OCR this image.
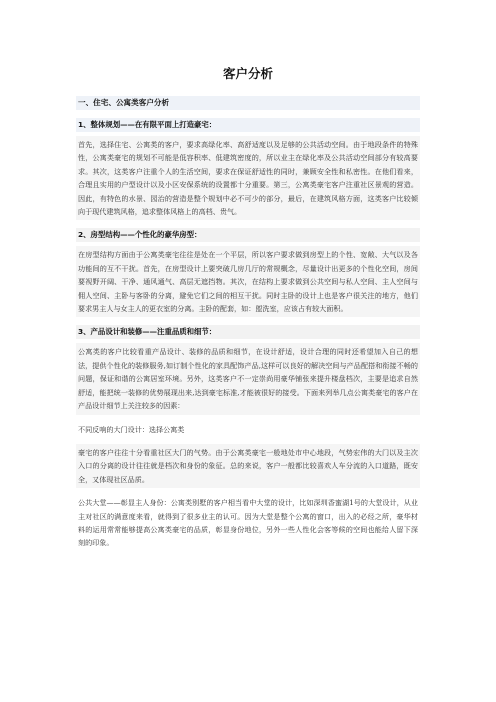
客户分析
一、住宅、公寓类客户分析
1、整体规划——在有限平面上打造豪宅：

首先，选择住宅、公寓类的客户，要求高绿化率、高舒适度以及足够的公共活动空间。由于地段条件的特殊性，公寓类豪宅的规划不可能是低容积率、低建筑密度的，所以业主在绿化率及公共活动空间部分有较高要求。其次，这类客户注重个人的生活空间，要求在保证舒适性的同时，兼顾安全性和私密性。在他们看来，合理且实用的户型设计以及小区安保系统的设置都十分重要。第三，公寓类豪宅客户注重社区景观的营造。因此，有特色的水景、园治的营造是整个规划中必不可少的部分，最后，在建筑风格方面，这类客户比较倾向于现代建筑风格，追求整体风格上的高档、贵气。

2、房型结构——个性化的豪华房型：

在房型结构方面由于公寓类豪宅往往是处在一个平层，所以客户要求做到房型上的个性、宽敞、大气以及各功能间的互不干扰。首先，在房型设计上要突破几房几厅的常规概念，尽量设计出更多的个性化空间，房间要视野开阔、干净、通风通气、高层无遮挡物。其次，在结构上要求做到公共空间与私人空间、主人空间与佣人空间、主卧与客卧的分离，避免它们之间的相互干扰。同时主卧的设计上也是客户很关注的地方，他们要求男主人与女主人的更衣室的分离。主卧的配套，如：盥洗室，应该占有较大面积。

3、产品设计和装修——注重品质和细节：

公寓类的客户比较看重产品设计、装修的品质和细节，在设计舒适，设计合理的同时还希望加入自己的想法，提供个性化的装修服务,如订制个性化的家具配饰产品,这样可以良好的解决空间与产品配搭和衔接不畅的问题，保证和谐的公寓居室环境。另外，这类客户不一定崇尚用豪华铺张来提升楼盘档次，主要是追求自然舒适，能把统一装修的优势展现出来,达到豪宅标准,才能被很好的接受。下面来列举几点公寓类豪宅的客户在产品设计细节上关注较多的因素：

不同反响的大门设计：选择公寓类

豪宅的客户往往十分看重社区大门的气势。由于公寓类豪宅一般地处市中心地段，气势宏伟的大门以及主次入口的分离的设计往往就是档次和身份的象征。总的来说，客户一般都比较喜欢人车分流的入口道路，既安全，又体现社区品质。

公共大堂——彰显主人身份：公寓类别墅的客户相当看中大堂的设计，比如深圳香蜜湖1号的大堂设计，从业主对社区的满意度来看，就得到了很多业主的认可。因为大堂是整个公寓的窗口，出入的必经之所，豪华材料的运用常常能够提高公寓类豪宅的品质，彰显身份地位，另外一些人性化会客等候的空间也能给人留下深刻的印象。
